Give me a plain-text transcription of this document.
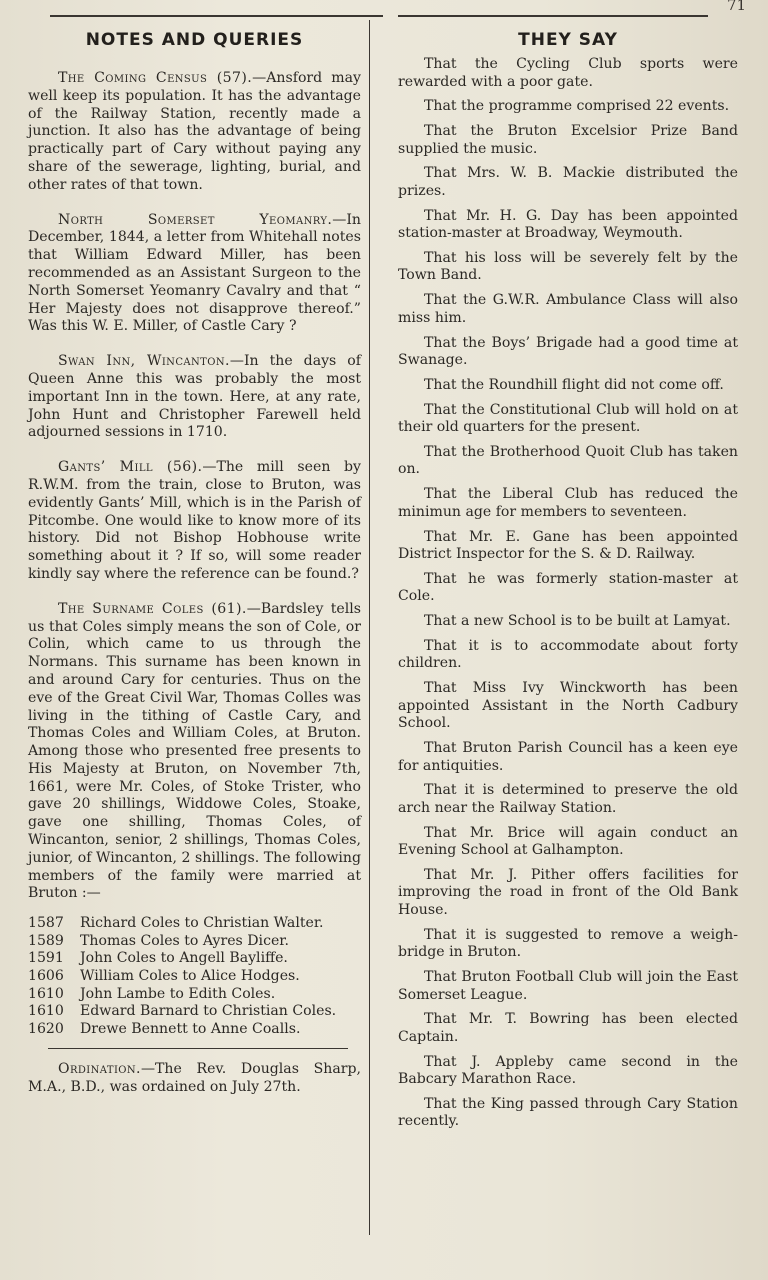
71
NOTES AND QUERIES

The Coming Census (57).—Ansford may well keep its population. It has the advantage of the Railway Station, recently made a junction. It also has the advantage of being practically part of Cary without paying any share of the sewerage, lighting, burial, and other rates of that town.

North Somerset Yeomanry.—In December, 1844, a letter from Whitehall notes that William Edward Miller, has been recommended as an Assistant Surgeon to the North Somerset Yeomanry Cavalry and that “ Her Majesty does not disapprove thereof.” Was this W. E. Miller, of Castle Cary ?

Swan Inn, Wincanton.—In the days of Queen Anne this was probably the most important Inn in the town. Here, at any rate, John Hunt and Christopher Farewell held adjourned sessions in 1710.

Gants’ Mill (56).—The mill seen by R.W.M. from the train, close to Bruton, was evidently Gants’ Mill, which is in the Parish of Pitcombe. One would like to know more of its history. Did not Bishop Hobhouse write something about it ? If so, will some reader kindly say where the reference can be found.?

The Surname Coles (61).—Bardsley tells us that Coles simply means the son of Cole, or Colin, which came to us through the Normans. This surname has been known in and around Cary for centuries. Thus on the eve of the Great Civil War, Thomas Colles was living in the tithing of Castle Cary, and Thomas Coles and William Coles, at Bruton. Among those who presented free presents to His Majesty at Bruton, on November 7th, 1661, were Mr. Coles, of Stoke Trister, who gave 20 shillings, Widdowe Coles, Stoake, gave one shilling, Thomas Coles, of Wincanton, senior, 2 shillings, Thomas Coles, junior, of Wincanton, 2 shillings. The following members of the family were married at Bruton :—

1587 Richard Coles to Christian Walter.
1589 Thomas Coles to Ayres Dicer.
1591 John Coles to Angell Bayliffe.
1606 William Coles to Alice Hodges.
1610 John Lambe to Edith Coles.
1610 Edward Barnard to Christian Coles.
1620 Drewe Bennett to Anne Coalls.

Ordination.—The Rev. Douglas Sharp, M.A., B.D., was ordained on July 27th.

THEY SAY

That the Cycling Club sports were rewarded with a poor gate.

That the programme comprised 22 events.

That the Bruton Excelsior Prize Band supplied the music.

That Mrs. W. B. Mackie distributed the prizes.

That Mr. H. G. Day has been appointed station-master at Broadway, Weymouth.

That his loss will be severely felt by the Town Band.

That the G.W.R. Ambulance Class will also miss him.

That the Boys’ Brigade had a good time at Swanage.

That the Roundhill flight did not come off.

That the Constitutional Club will hold on at their old quarters for the present.

That the Brotherhood Quoit Club has taken on.

That the Liberal Club has reduced the minimun age for members to seventeen.

That Mr. E. Gane has been appointed District Inspector for the S. & D. Railway.

That he was formerly station-master at Cole.

That a new School is to be built at Lamyat.

That it is to accommodate about forty children.

That Miss Ivy Winckworth has been appointed Assistant in the North Cadbury School.

That Bruton Parish Council has a keen eye for antiquities.

That it is determined to preserve the old arch near the Railway Station.

That Mr. Brice will again conduct an Evening School at Galhampton.

That Mr. J. Pither offers facilities for improving the road in front of the Old Bank House.

That it is suggested to remove a weigh-bridge in Bruton.

That Bruton Football Club will join the East Somerset League.

That Mr. T. Bowring has been elected Captain.

That J. Appleby came second in the Babcary Marathon Race.

That the King passed through Cary Station recently.
